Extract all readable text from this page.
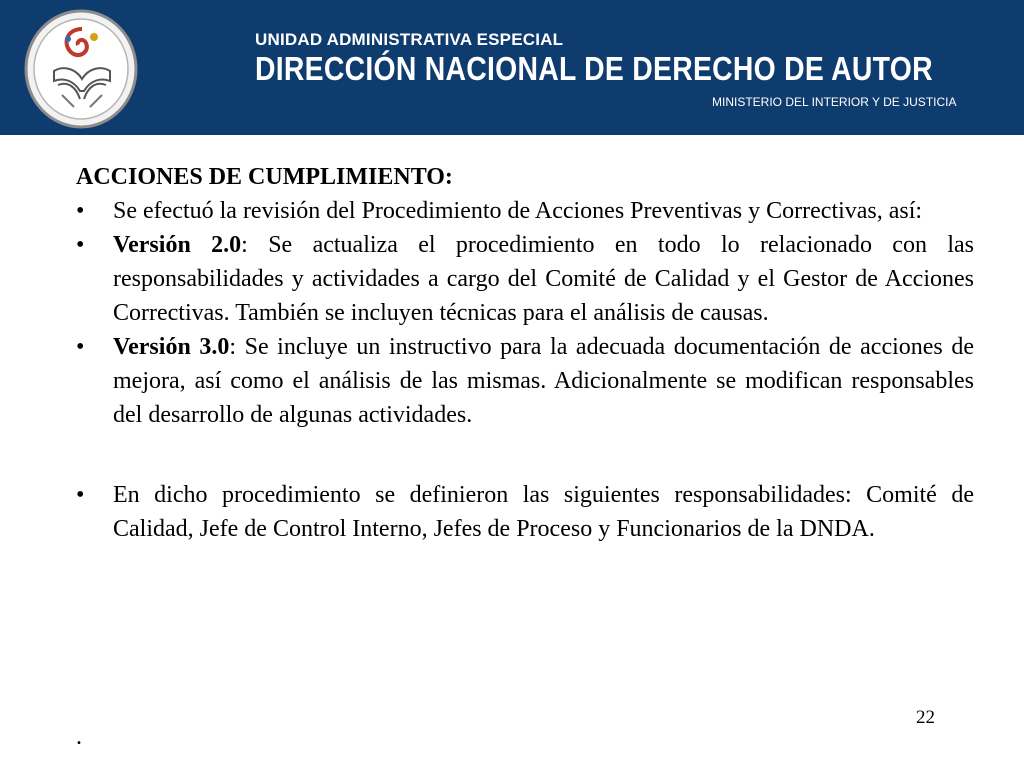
UNIDAD ADMINISTRATIVA ESPECIAL
DIRECCIÓN NACIONAL DE DERECHO DE AUTOR
MINISTERIO DEL INTERIOR Y DE JUSTICIA

ACCIONES DE CUMPLIMIENTO:

• Se efectuó la revisión del Procedimiento de Acciones Preventivas y Correctivas, así:

• Versión 2.0: Se actualiza el procedimiento en todo lo relacionado con las responsabilidades y actividades a cargo del Comité de Calidad y el Gestor de Acciones Correctivas. También se incluyen técnicas para el análisis de causas.

• Versión 3.0: Se incluye un instructivo para la adecuada documentación de acciones de mejora, así como el análisis de las mismas. Adicionalmente se modifican responsables del desarrollo de algunas actividades.

• En dicho procedimiento se definieron las siguientes responsabilidades: Comité de Calidad, Jefe de Control Interno, Jefes de Proceso y Funcionarios de la DNDA.

22
.
